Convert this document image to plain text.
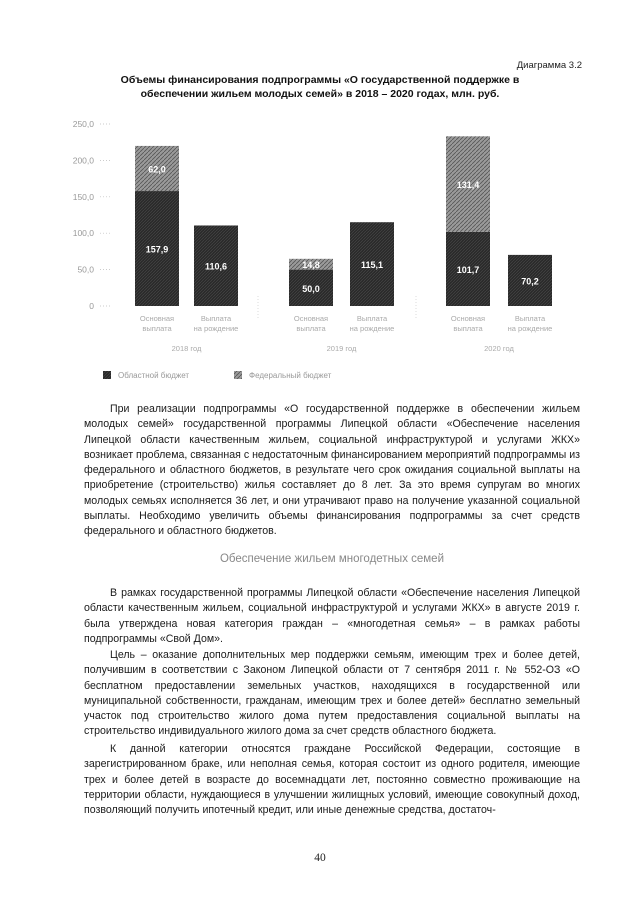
Диаграмма 3.2
Объемы финансирования подпрограммы «О государственной поддержке в обеспечении жильем молодых семей» в 2018 – 2020 годах, млн. руб.
0
50,0
100,0
150,0
200,0
250,0
157,9
62,0
Основная
выплата
110,6
Выплата
на рождение
2018 год
50,0
14,8
Основная
выплата
115,1
Выплата
на рождение
2019 год
101,7
131,4
Основная
выплата
70,2
Выплата
на рождение
2020 год
Областной бюджет	Федеральный бюджет

При реализации подпрограммы «О государственной поддержке в обеспечении жильем молодых семей» государственной программы Липецкой области «Обеспечение населения Липецкой области качественным жильем, социальной инфраструктурой и услугами ЖКХ» возникает проблема, связанная с недостаточным финансированием мероприятий подпрограммы из федерального и областного бюджетов, в результате чего срок ожидания социальной выплаты на приобретение (строительство) жилья составляет до 8 лет. За это время супругам во многих молодых семьях исполняется 36 лет, и они утрачивают право на получение указанной социальной выплаты. Необходимо увеличить объемы финансирования подпрограммы за счет средств федерального и областного бюджетов.

Обеспечение жильем многодетных семей

В рамках государственной программы Липецкой области «Обеспечение населения Липецкой области качественным жильем, социальной инфраструктурой и услугами ЖКХ» в августе 2019 г. была утверждена новая категория граждан – «многодетная семья» – в рамках работы подпрограммы «Свой Дом».

Цель – оказание дополнительных мер поддержки семьям, имеющим трех и более детей, получившим в соответствии с Законом Липецкой области от 7 сентября 2011 г. № 552-ОЗ «О бесплатном предоставлении земельных участков, находящихся в государственной или муниципальной собственности, гражданам, имеющим трех и более детей» бесплатно земельный участок под строительство жилого дома путем предоставления социальной выплаты на строительство индивидуального жилого дома за счет средств областного бюджета.

К данной категории относятся граждане Российской Федерации, состоящие в зарегистрированном браке, или неполная семья, которая состоит из одного родителя, имеющие трех и более детей в возрасте до восемнадцати лет, постоянно совместно проживающие на территории области, нуждающиеся в улучшении жилищных условий, имеющие совокупный доход, позволяющий получить ипотечный кредит, или иные денежные средства, достаточ-

40
